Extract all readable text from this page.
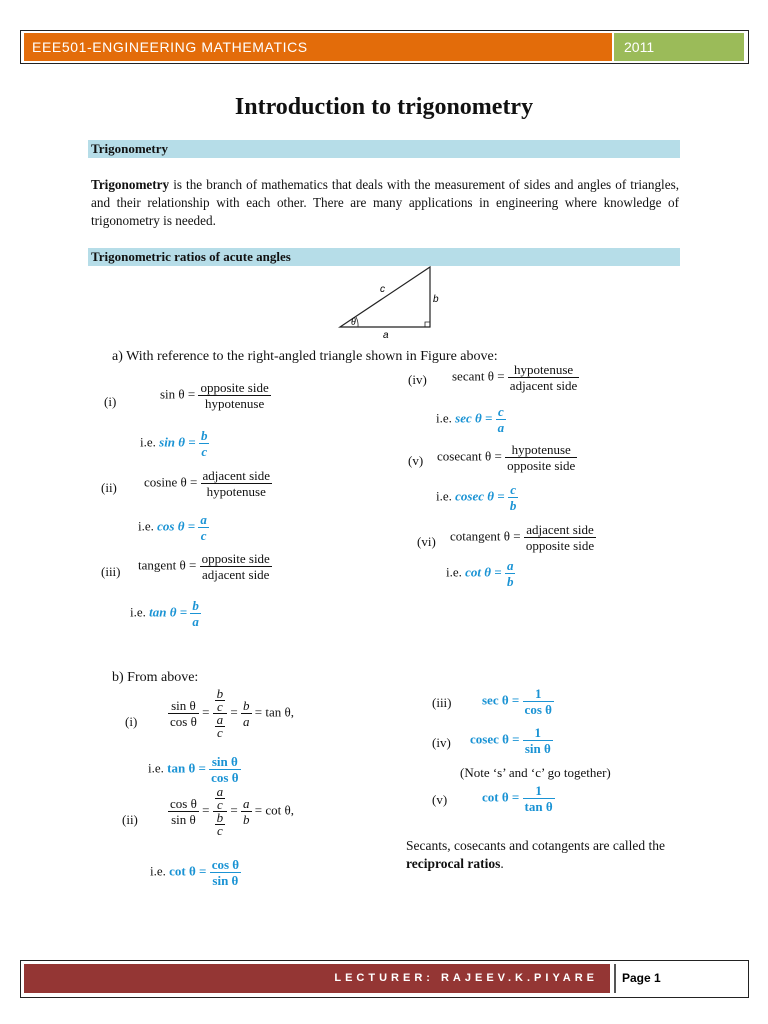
EEE501-ENGINEERING MATHEMATICS	2011
Introduction to trigonometry
Trigonometry
Trigonometry is the branch of mathematics that deals with the measurement of sides and angles of triangles, and their relationship with each other. There are many applications in engineering where knowledge of trigonometry is needed.
Trigonometric ratios of acute angles
c
b
a
θ
a) With reference to the right-angled triangle shown in Figure above:
(i)
$\sin \theta = \frac{\text{opposite side}}{\text{hypotenuse}}$
i.e. $\sin \theta = \frac{b}{c}$
(ii) cosine $\theta = \frac{\text{adjacent side}}{\text{hypotenuse}}$
i.e. $\cos \theta = \frac{a}{c}$
(iii) tangent $\theta = \frac{\text{opposite side}}{\text{adjacent side}}$
i.e. $\tan \theta = \frac{b}{a}$
(iv) secant $\theta = \frac{\text{hypotenuse}}{\text{adjacent side}}$
i.e. $\sec \theta = \frac{c}{a}$
(v) cosecant $\theta = \frac{\text{hypotenuse}}{\text{opposite side}}$
i.e. cosec $\theta = \frac{c}{b}$
(vi) cotangent $\theta = \frac{\text{adjacent side}}{\text{opposite side}}$
i.e. $\cot \theta = \frac{a}{b}$
b) From above:
$(i) \frac{\text{sin θ}}{\text{cos θ}} = \frac{\frac{b}{c}}{\frac{a}{c}} = \frac{b}{a} = \tan \theta$,
i.e. $\tan \theta = \frac{\text{sin θ}}{\text{cos θ}}$
$(ii) \frac{\text{cos θ}}{\text{sin θ}} = \frac{\frac{a}{c}}{\frac{b}{c}} = \frac{a}{b} = \cot \theta$,
i.e. $\cot \theta = \frac{\text{cos θ}}{\text{sin θ}}$
(iii) $\sec \theta = \frac{1}{\text{cos θ}}$
(iv) cosec $\theta = \frac{1}{\text{sin θ}}$
(Note ‘s’ and ‘c’ go together)
(v)	$\cot \theta = \frac{1}{\text{tan θ}}$
Secants, cosecants and cotangents are called the reciprocal ratios.
LECTURER: RAJEEV.K.PIYARE	Page 1
